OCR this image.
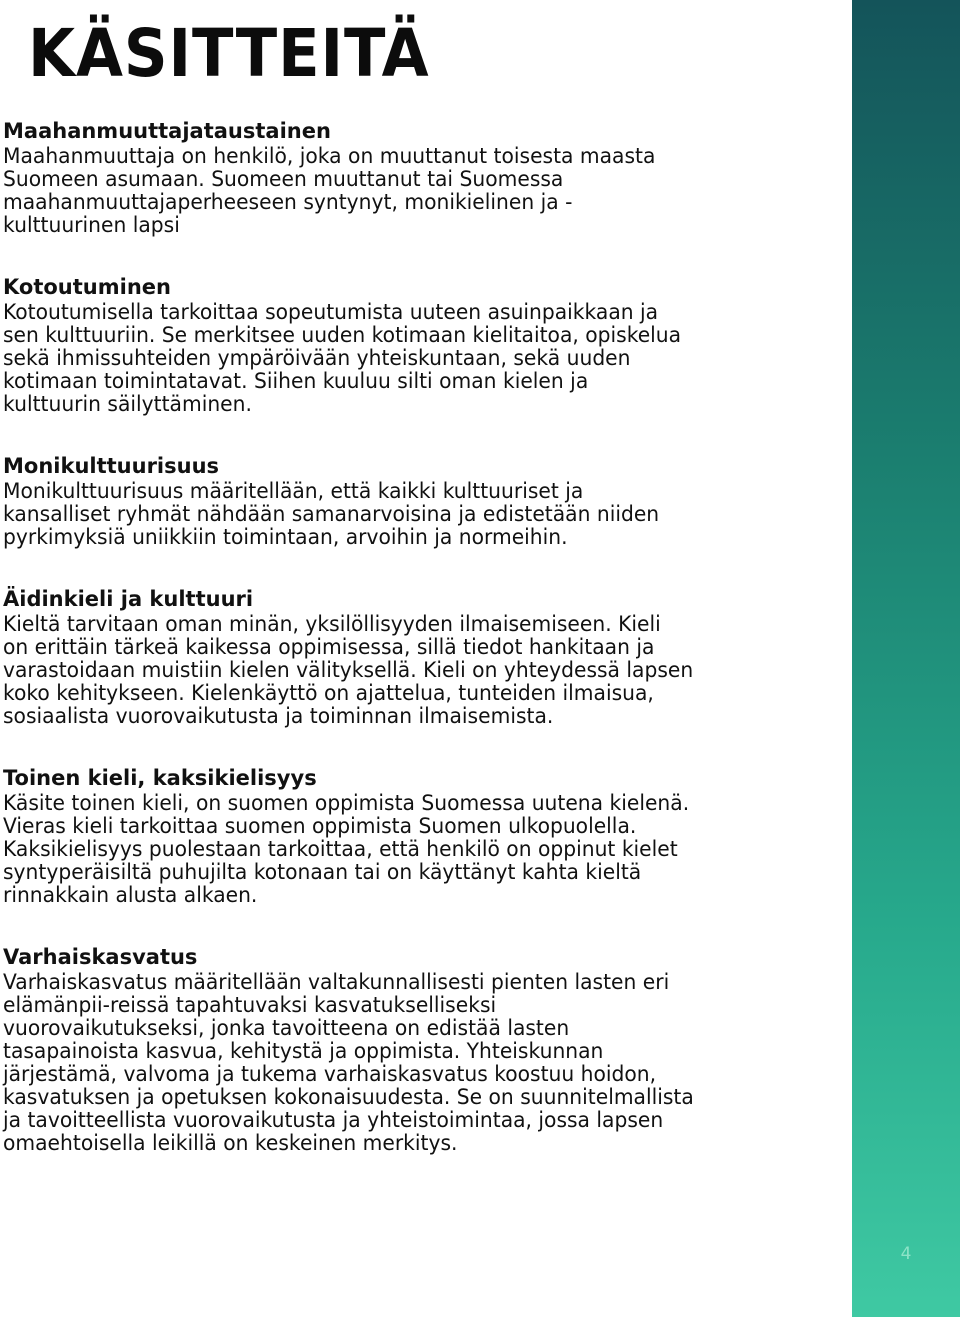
4
KÄSITTEITÄ
Maahanmuuttajataustainen

Maahanmuuttaja on henkilö, joka on muuttanut toisesta maasta
Suomeen asumaan. Suomeen muuttanut tai Suomessa
maahanmuuttajaperheeseen syntynyt, monikielinen ja -
kulttuurinen lapsi

Kotoutuminen

Kotoutumisella tarkoittaa sopeutumista uuteen asuinpaikkaan ja
sen kulttuuriin. Se merkitsee uuden kotimaan kielitaitoa, opiskelua
sekä ihmissuhteiden ympäröivään yhteiskuntaan, sekä uuden
kotimaan toimintatavat. Siihen kuuluu silti oman kielen ja
kulttuurin säilyttäminen.

Monikulttuurisuus

Monikulttuurisuus määritellään, että kaikki kulttuuriset ja
kansalliset ryhmät nähdään samanarvoisina ja edistetään niiden
pyrkimyksiä uniikkiin toimintaan, arvoihin ja normeihin.

Äidinkieli ja kulttuuri

Kieltä tarvitaan oman minän, yksilöllisyyden ilmaisemiseen. Kieli
on erittäin tärkeä kaikessa oppimisessa, sillä tiedot hankitaan ja
varastoidaan muistiin kielen välityksellä. Kieli on yhteydessä lapsen
koko kehitykseen. Kielenkäyttö on ajattelua, tunteiden ilmaisua,
sosiaalista vuorovaikutusta ja toiminnan ilmaisemista.

Toinen kieli, kaksikielisyys

Käsite toinen kieli, on suomen oppimista Suomessa uutena kielenä.
Vieras kieli tarkoittaa suomen oppimista Suomen ulkopuolella.
Kaksikielisyys puolestaan tarkoittaa, että henkilö on oppinut kielet
syntyperäisiltä puhujilta kotonaan tai on käyttänyt kahta kieltä
rinnakkain alusta alkaen.

Varhaiskasvatus

Varhaiskasvatus määritellään valtakunnallisesti pienten lasten eri
elämänpii-reissä tapahtuvaksi kasvatukselliseksi
vuorovaikutukseksi, jonka tavoitteena on edistää lasten
tasapainoista kasvua, kehitystä ja oppimista. Yhteiskunnan
järjestämä, valvoma ja tukema varhaiskasvatus koostuu hoidon,
kasvatuksen ja opetuksen kokonaisuudesta. Se on suunnitelmallista
ja tavoitteellista vuorovaikutusta ja yhteistoimintaa, jossa lapsen
omaehtoisella leikillä on keskeinen merkitys.
